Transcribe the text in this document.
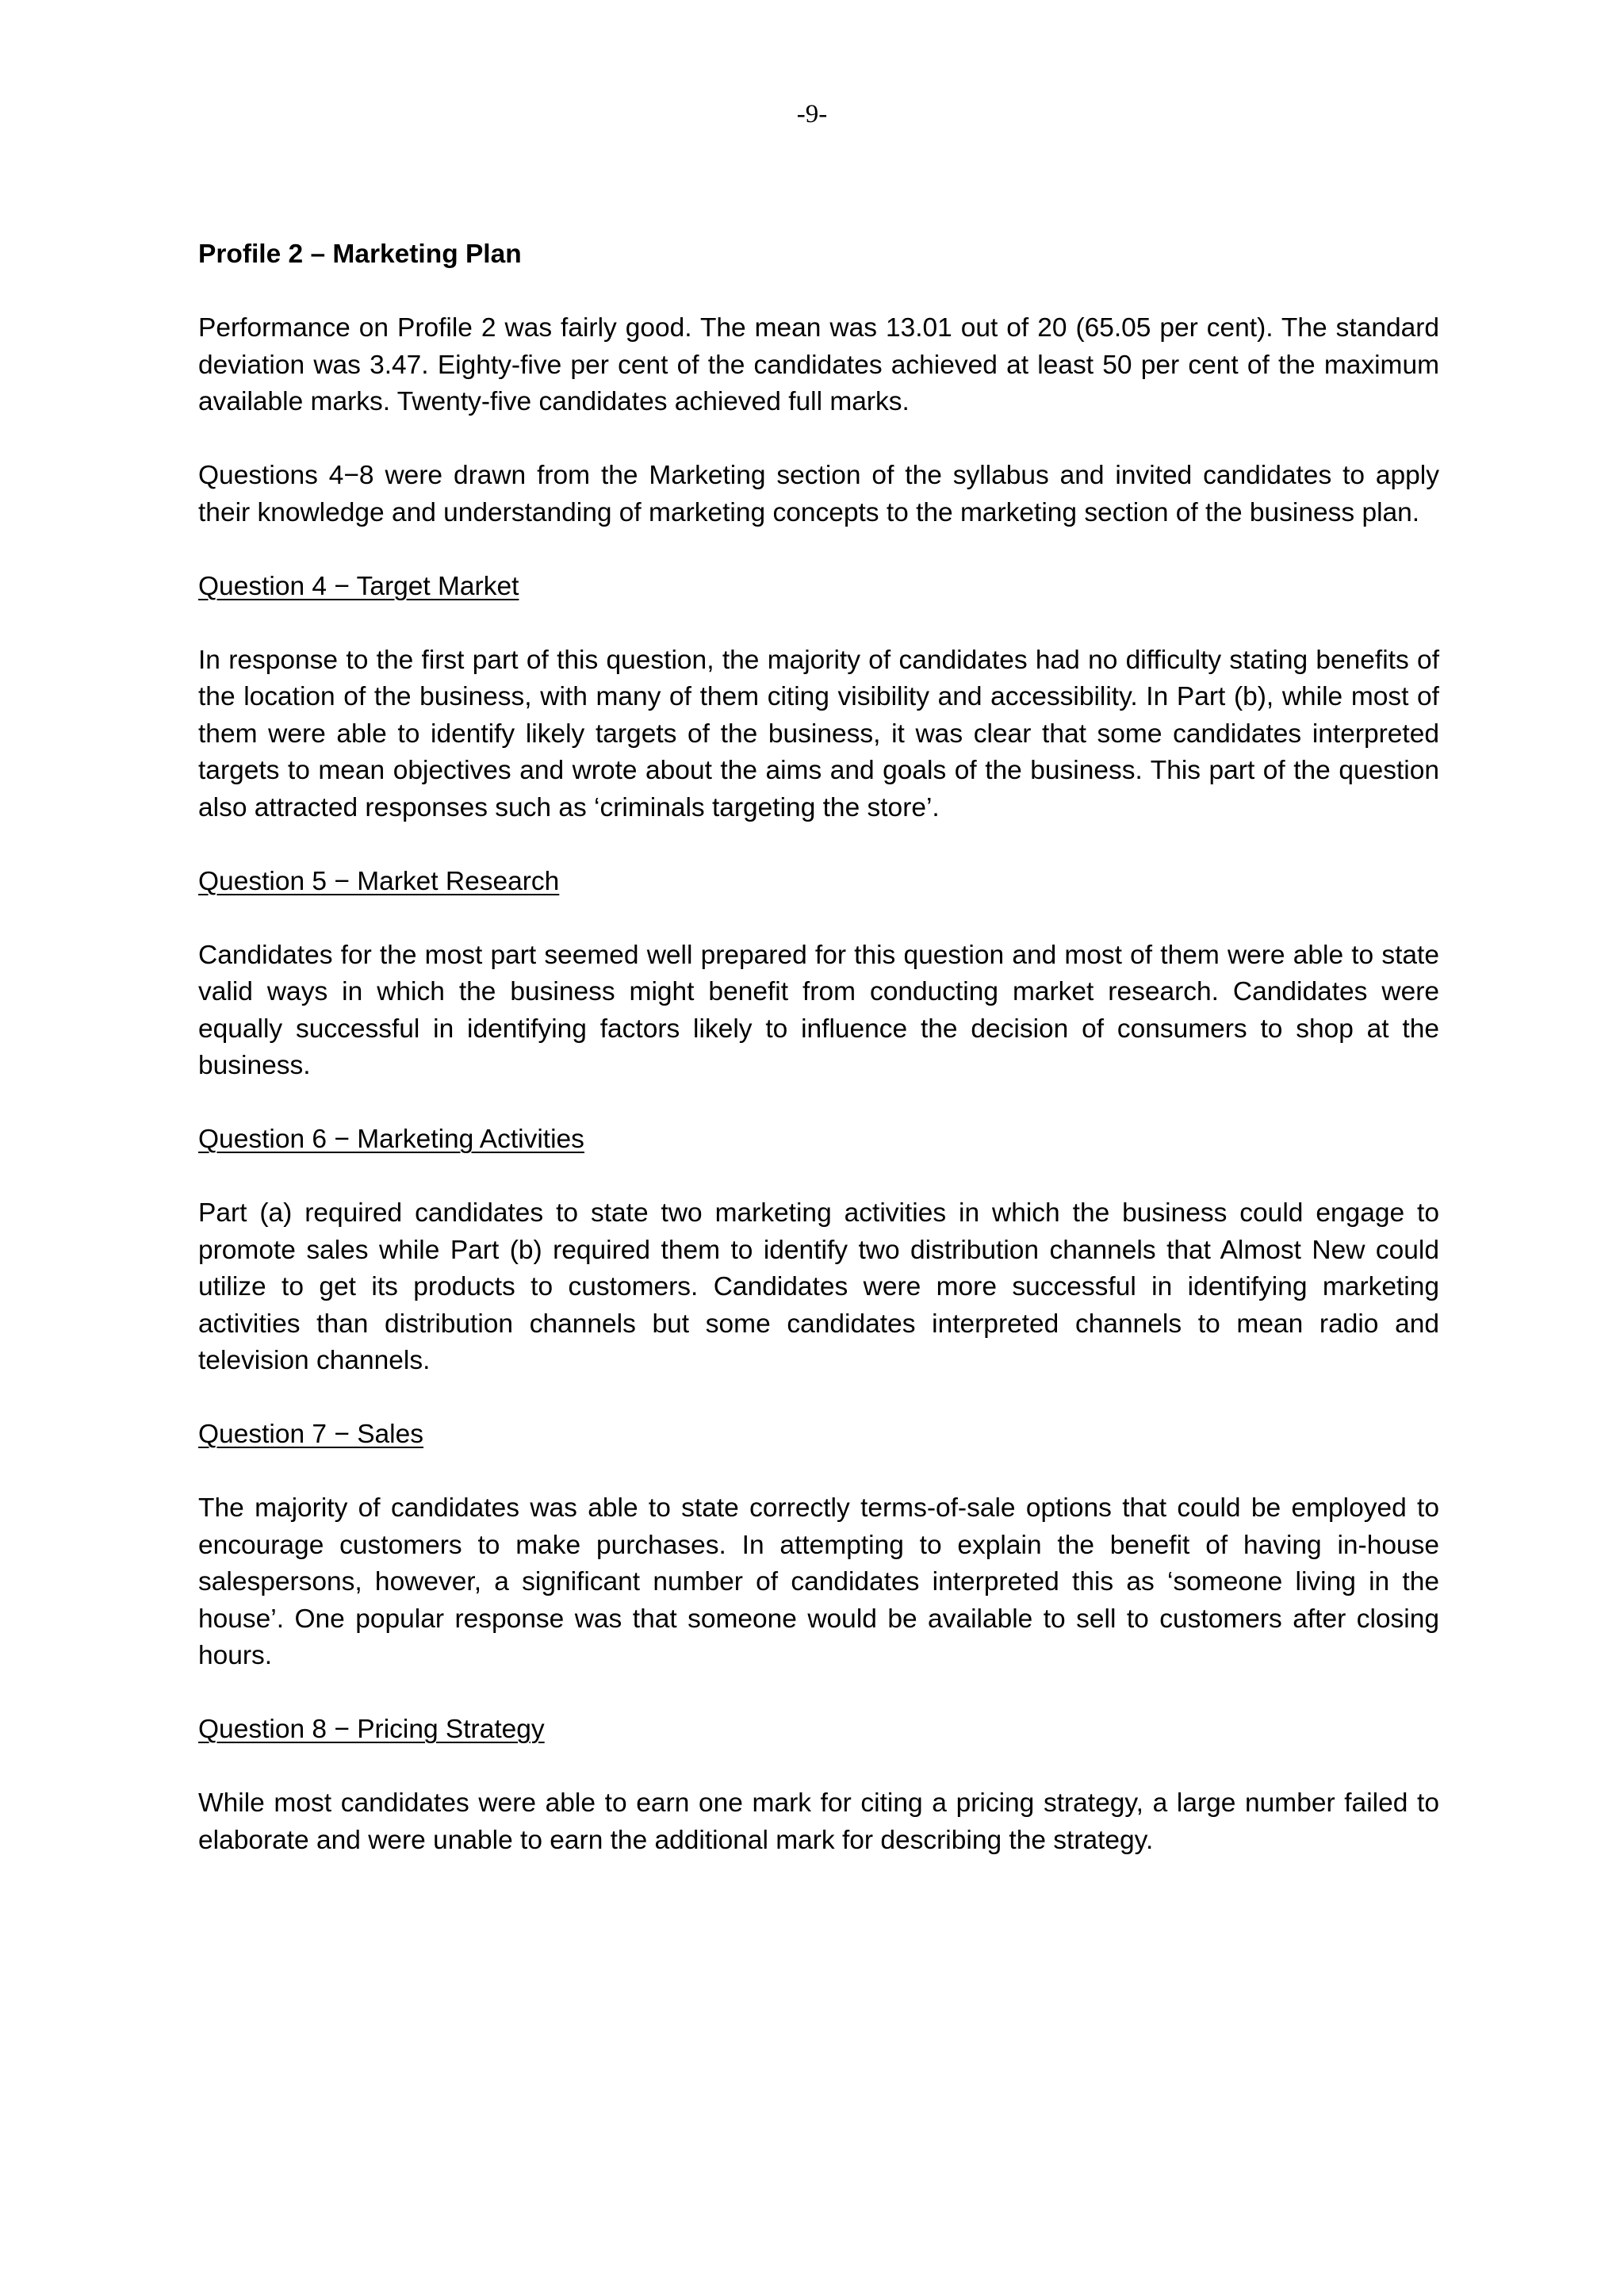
-9-
Profile 2 – Marketing Plan

Performance on Profile 2 was fairly good. The mean was 13.01 out of 20 (65.05 per cent). The standard deviation was 3.47. Eighty-five per cent of the candidates achieved at least 50 per cent of the maximum available marks. Twenty-five candidates achieved full marks.

Questions 4−8 were drawn from the Marketing section of the syllabus and invited candidates to apply their knowledge and understanding of marketing concepts to the marketing section of the business plan.

Question 4 − Target Market

In response to the first part of this question, the majority of candidates had no difficulty stating benefits of the location of the business, with many of them citing visibility and accessibility. In Part (b), while most of them were able to identify likely targets of the business, it was clear that some candidates interpreted targets to mean objectives and wrote about the aims and goals of the business. This part of the question also attracted responses such as ‘criminals targeting the store’.

Question 5 − Market Research

Candidates for the most part seemed well prepared for this question and most of them were able to state valid ways in which the business might benefit from conducting market research. Candidates were equally successful in identifying factors likely to influence the decision of consumers to shop at the business.

Question 6 − Marketing Activities

Part (a) required candidates to state two marketing activities in which the business could engage to promote sales while Part (b) required them to identify two distribution channels that Almost New could utilize to get its products to customers. Candidates were more successful in identifying marketing activities than distribution channels but some candidates interpreted channels to mean radio and television channels.

Question 7 − Sales

The majority of candidates was able to state correctly terms-of-sale options that could be employed to encourage customers to make purchases. In attempting to explain the benefit of having in-house salespersons, however, a significant number of candidates interpreted this as ‘someone living in the house’. One popular response was that someone would be available to sell to customers after closing hours.

Question 8 − Pricing Strategy

While most candidates were able to earn one mark for citing a pricing strategy, a large number failed to elaborate and were unable to earn the additional mark for describing the strategy.
